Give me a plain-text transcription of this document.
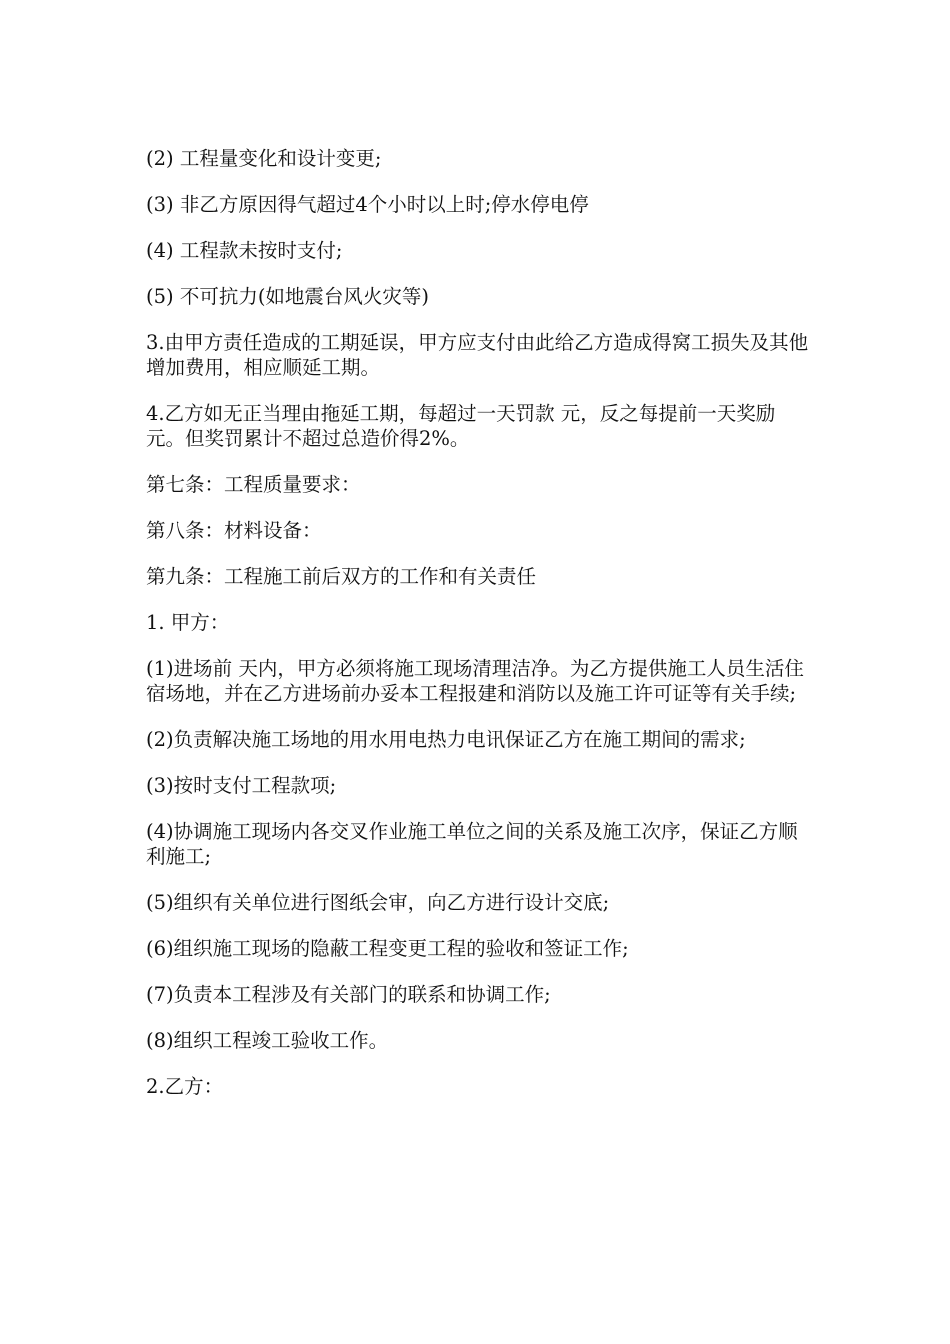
(2) 工程量变化和设计变更;

(3) 非乙方原因得气超过4个小时以上时;停水停电停

(4) 工程款未按时支付;

(5) 不可抗力(如地震台风火灾等)

3.由甲方责任造成的工期延误，甲方应支付由此给乙方造成得窝工损失及其他增加费用，相应顺延工期。

4.乙方如无正当理由拖延工期，每超过一天罚款 元，反之每提前一天奖励 元。但奖罚累计不超过总造价得2%。

第七条：工程质量要求：

第八条：材料设备：

第九条：工程施工前后双方的工作和有关责任

1. 甲方：

(1)进场前 天内，甲方必须将施工现场清理洁净。为乙方提供施工人员生活住宿场地，并在乙方进场前办妥本工程报建和消防以及施工许可证等有关手续;

(2)负责解决施工场地的用水用电热力电讯保证乙方在施工期间的需求;

(3)按时支付工程款项;

(4)协调施工现场内各交叉作业施工单位之间的关系及施工次序，保证乙方顺利施工;

(5)组织有关单位进行图纸会审，向乙方进行设计交底;

(6)组织施工现场的隐蔽工程变更工程的验收和签证工作;

(7)负责本工程涉及有关部门的联系和协调工作;

(8)组织工程竣工验收工作。

2.乙方：
